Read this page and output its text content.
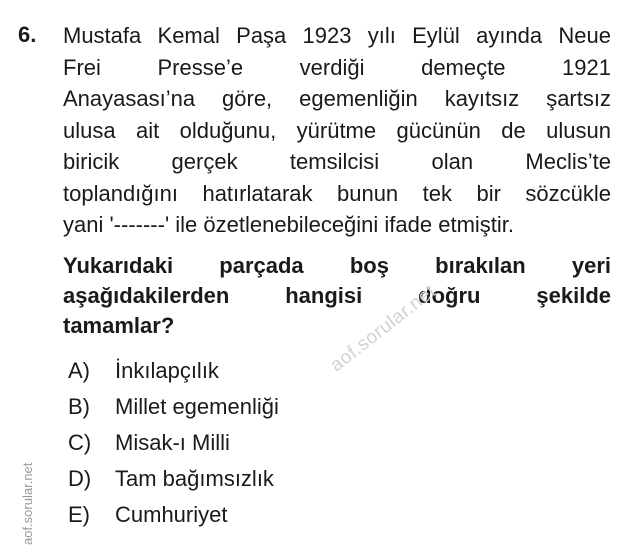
6. Mustafa Kemal Paşa 1923 yılı Eylül ayında Neue
Frei Presse’e verdiği demeçte 1921
Anayasası’na göre, egemenliğin kayıtsız şartsız
ulusa ait olduğunu, yürütme gücünün de ulusun
biricik gerçek temsilcisi olan Meclis’te
toplandığını hatırlatarak bunun tek bir sözcükle
yani '-------' ile özetlenebileceğini ifade etmiştir.
Yukarıdaki parçada boş bırakılan yeri
aşağıdakilerden hangisi doğru şekilde
tamamlar?
A)	İnkılapçılık
B)	Millet egemenliği
C)	Misak-ı Milli
D)	Tam bağımsızlık
E)	Cumhuriyet
aof.sorular.net
aof.sorular.net
